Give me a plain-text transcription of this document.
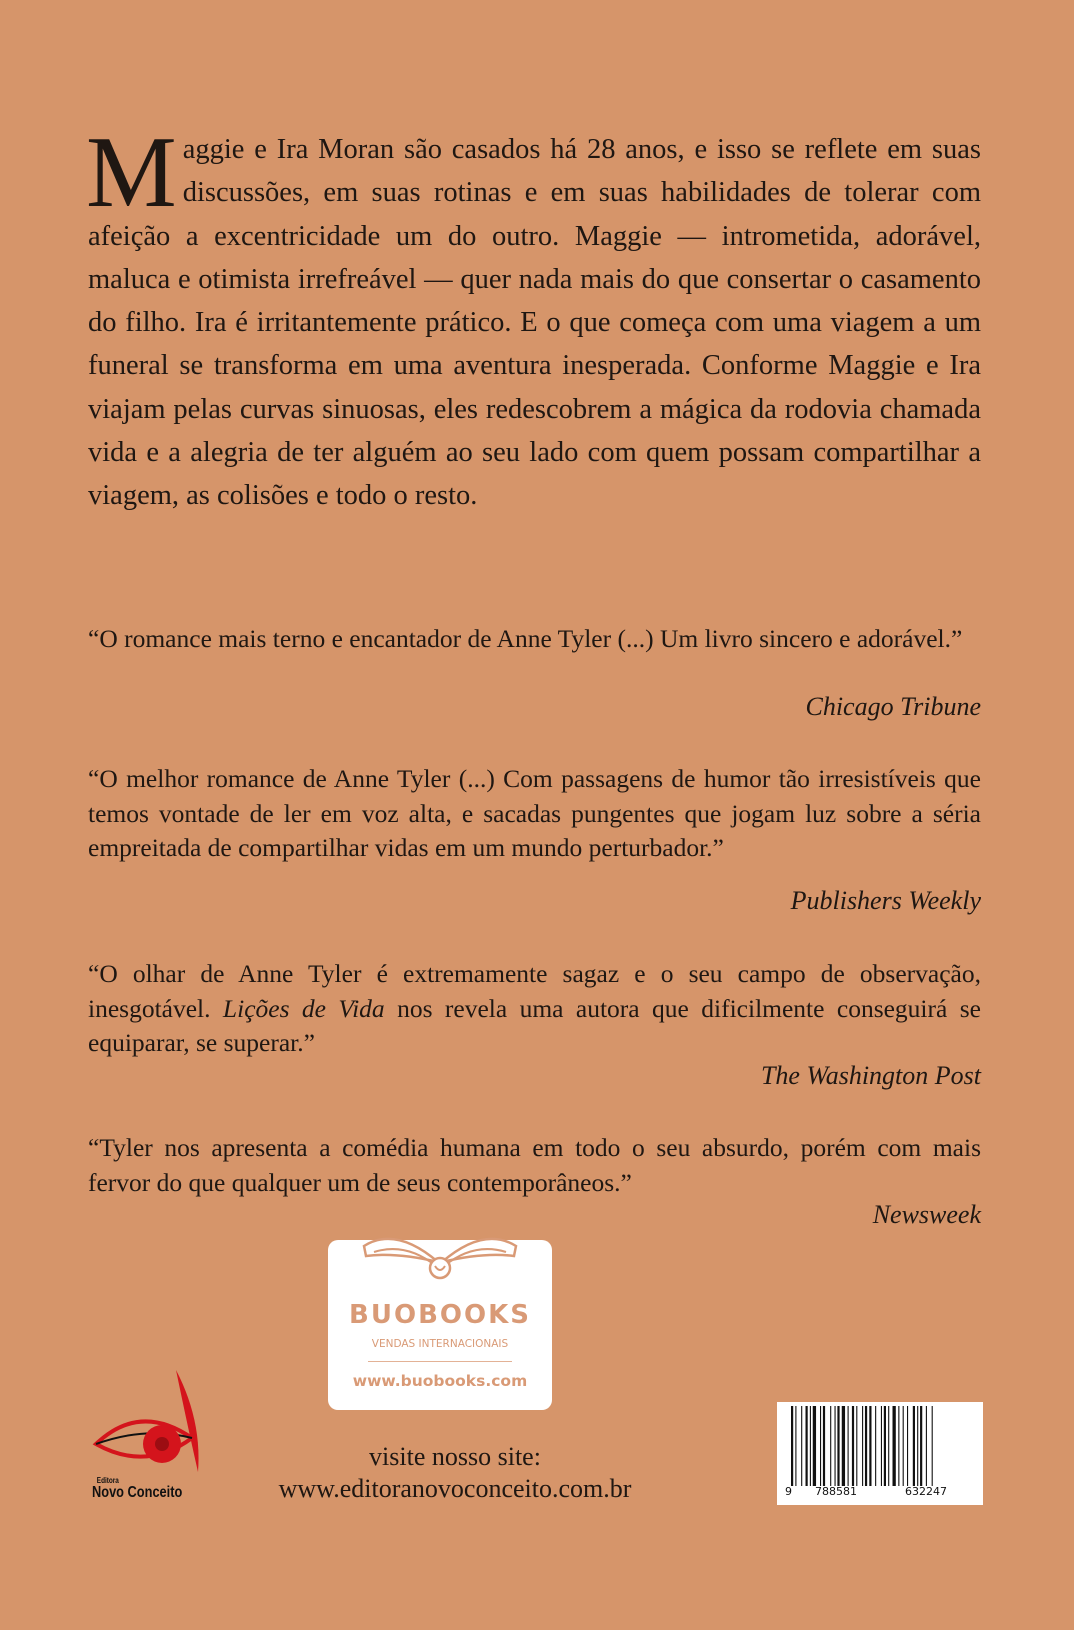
Maggie e Ira Moran são casados há 28 anos, e isso se reflete em suas discussões, em suas rotinas e em suas habilidades de tolerar com afeição a excentricidade um do outro. Maggie — intrometida, adorável, maluca e otimista irrefreável — quer nada mais do que consertar o casamento do filho. Ira é irritantemente prático. E o que começa com uma viagem a um funeral se transforma em uma aventura inesperada. Conforme Maggie e Ira viajam pelas curvas sinuosas, eles redescobrem a mágica da rodovia chamada vida e a alegria de ter alguém ao seu lado com quem possam compartilhar a viagem, as colisões e todo o resto.

“O romance mais terno e encantador de Anne Tyler (...) Um livro sincero e adorável.”

Chicago Tribune

“O melhor romance de Anne Tyler (...) Com passagens de humor tão irresistíveis que temos vontade de ler em voz alta, e sacadas pungentes que jogam luz sobre a séria empreitada de compartilhar vidas em um mundo perturbador.”

Publishers Weekly

“O olhar de Anne Tyler é extremamente sagaz e o seu campo de observação, inesgotável. Lições de Vida nos revela uma autora que dificilmente conseguirá se equiparar, se superar.”

The Washington Post

“Tyler nos apresenta a comédia humana em todo o seu absurdo, porém com mais fervor do que qualquer um de seus contemporâneos.”

Newsweek

BUOBOOKS
VENDAS INTERNACIONAIS
www.buobooks.com
Editora
Novo Conceito

visite nosso site:

www.editoranovoconceito.com.br	9 788581	632247
